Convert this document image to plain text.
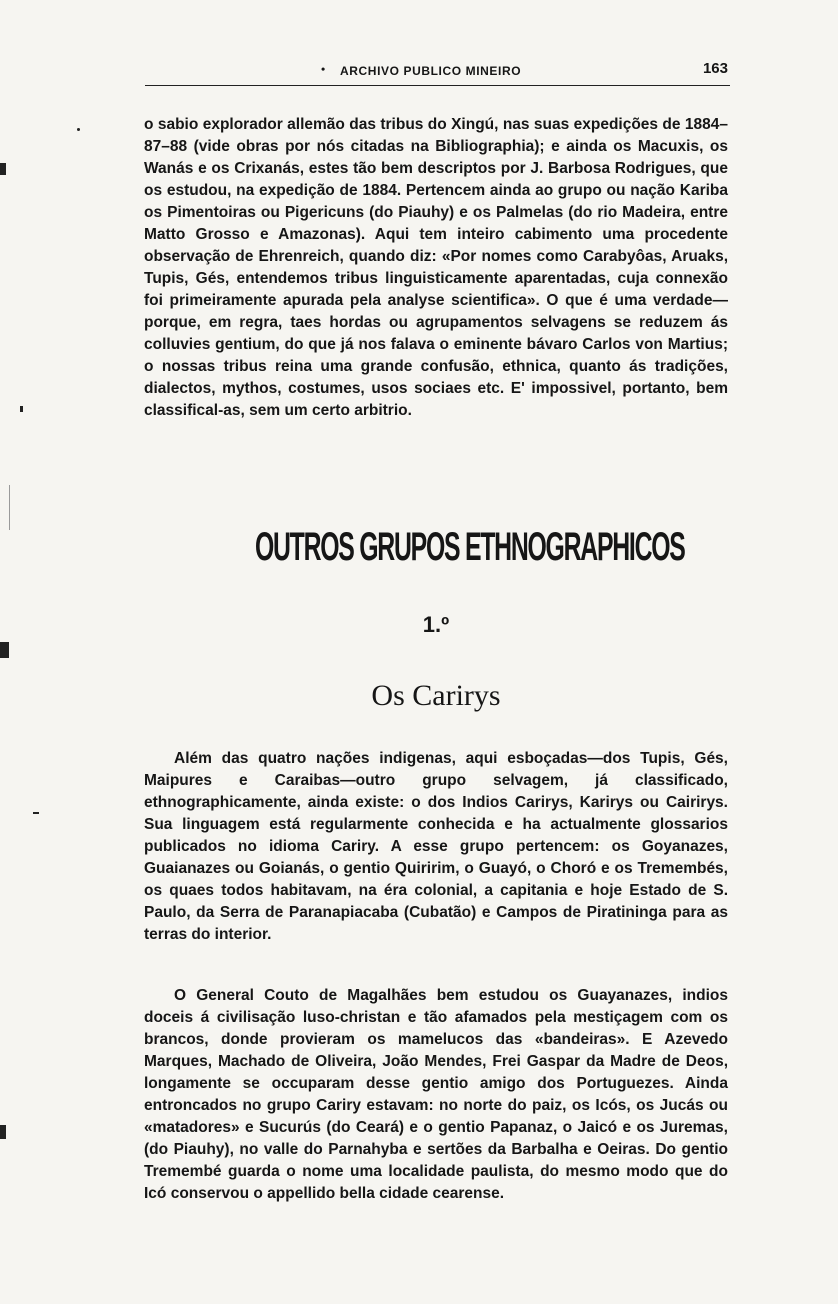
• ARCHIVO PUBLICO MINEIRO	163

o sabio explorador allemão das tribus do Xingú, nas suas expedições de 1884–87–88 (vide obras por nós citadas na Bibliographia); e ainda os Macuxis, os Wanás e os Crixanás, estes tão bem descriptos por J. Barbosa Rodrigues, que os estudou, na expedição de 1884. Pertencem ainda ao grupo ou nação Kariba os Pimentoiras ou Pigericuns (do Piauhy) e os Palmelas (do rio Madeira, entre Matto Grosso e Amazonas). Aqui tem inteiro cabimento uma procedente observação de Ehrenreich, quando diz: «Por nomes como Carabyôas, Aruaks, Tupis, Gés, entendemos tribus linguisticamente aparentadas, cuja connexão foi primeiramente apurada pela analyse scientifica». O que é uma verdade—porque, em regra, taes hordas ou agrupamentos selvagens se reduzem ás colluvies gentium, do que já nos falava o eminente bávaro Carlos von Martius; o nossas tribus reina uma grande confusão, ethnica, quanto ás tradições, dialectos, mythos, costumes, usos sociaes etc. E' impossivel, portanto, bem classifical-as, sem um certo arbitrio.

OUTROS GRUPOS ETHNOGRAPHICOS
1.º
Os Carirys

Além das quatro nações indigenas, aqui esboçadas—dos Tupis, Gés, Maipures e Caraibas—outro grupo selvagem, já classificado, ethnographicamente, ainda existe: o dos Indios Carirys, Karirys ou Cairirys. Sua linguagem está regularmente conhecida e ha actualmente glossarios publicados no idioma Cariry. A esse grupo pertencem: os Goyanazes, Guaianazes ou Goianás, o gentio Quiririm, o Guayó, o Choró e os Tremembés, os quaes todos habitavam, na éra colonial, a capitania e hoje Estado de S. Paulo, da Serra de Paranapiacaba (Cubatão) e Campos de Piratininga para as terras do interior.

O General Couto de Magalhães bem estudou os Guayanazes, indios doceis á civilisação luso-christan e tão afamados pela mestiçagem com os brancos, donde provieram os mamelucos das «bandeiras». E Azevedo Marques, Machado de Oliveira, João Mendes, Frei Gaspar da Madre de Deos, longamente se occuparam desse gentio amigo dos Portuguezes. Ainda entroncados no grupo Cariry estavam: no norte do paiz, os Icós, os Jucás ou «matadores» e Sucurús (do Ceará) e o gentio Papanaz, o Jaicó e os Juremas, (do Piauhy), no valle do Parnahyba e sertões da Barbalha e Oeiras. Do gentio Tremembé guarda o nome uma localidade paulista, do mesmo modo que do Icó conservou o appellido bella cidade cearense.
